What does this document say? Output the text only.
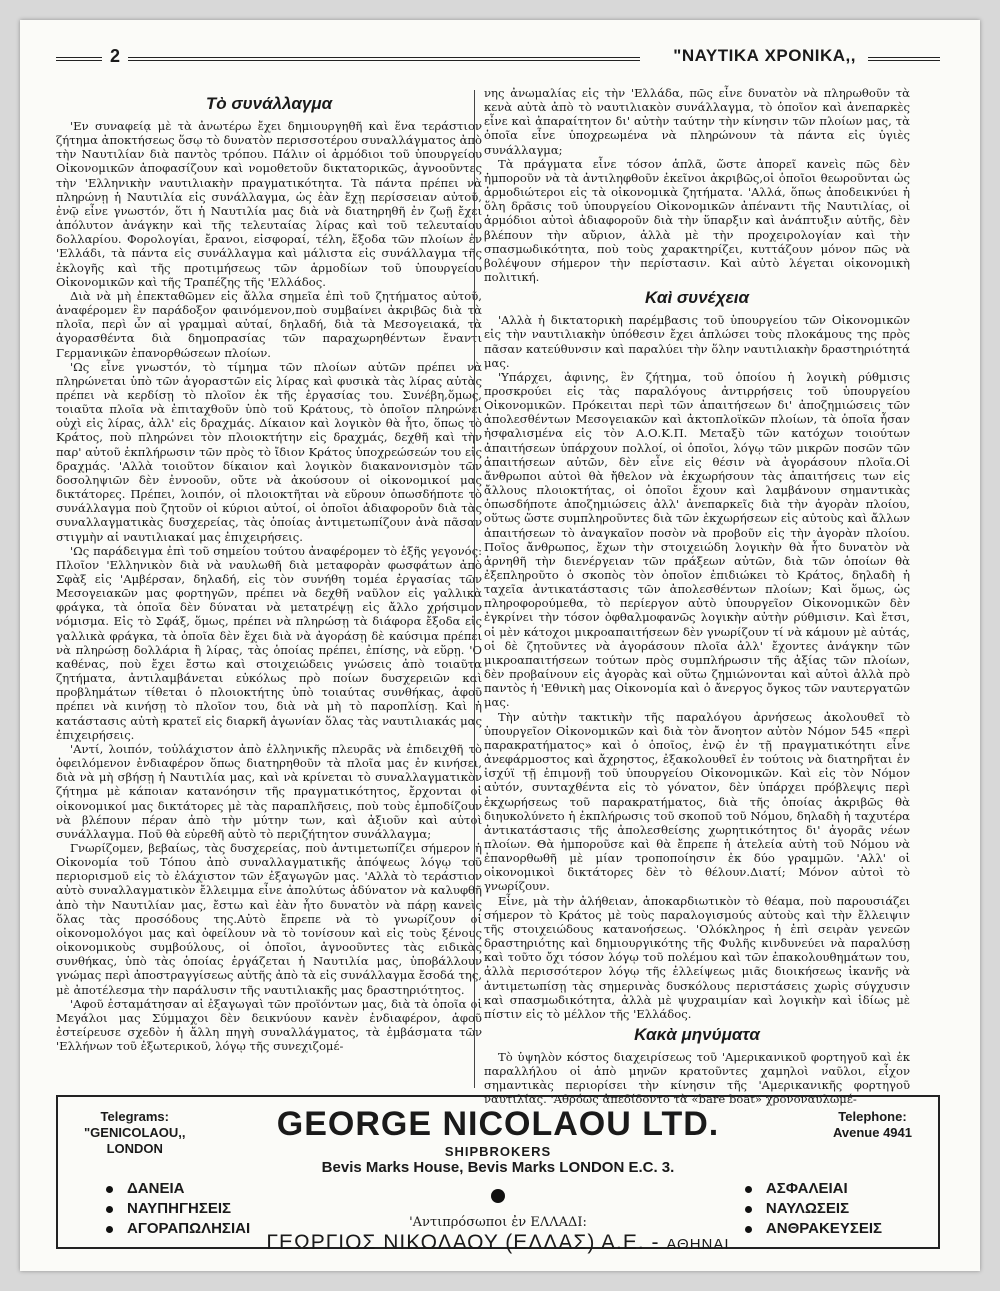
2	"ΝΑΥΤΙΚΑ ΧΡΟΝΙΚΑ,,
Τὸ συνάλλαγμα

'Εν συναφείᾳ μὲ τὰ ἀνωτέρω ἔχει δημιουργηθῆ καὶ ἕνα τεράστιον ζήτημα ἀποκτήσεως ὅσῳ τὸ δυνατὸν περισσοτέρου συναλλάγματος ἀπὸ τὴν Ναυτιλίαν διὰ παντὸς τρόπου. Πάλιν οἱ ἁρμόδιοι τοῦ ὑπουργείου Οἰκονομικῶν ἀποφασίζουν καὶ νομοθετοῦν δικτατορικῶς, ἀγνοοῦντες τὴν 'Ελληνικὴν ναυτιλιακὴν πραγματικότητα. Τὰ πάντα πρέπει νὰ πληρώνῃ ἡ Ναυτιλία εἰς συνάλλαγμα, ὡς ἐὰν ἔχῃ περίσσειαν αὐτοῦ, ἐνῷ εἶνε γνωστόν, ὅτι ἡ Ναυτιλία μας διὰ νὰ διατηρηθῆ ἐν ζωῇ ἔχει ἀπόλυτον ἀνάγκην καὶ τῆς τελευταίας λίρας καὶ τοῦ τελευταίου δολλαρίου. Φορολογίαι, ἔρανοι, εἰσφοραί, τέλη, ἔξοδα τῶν πλοίων ἐν 'Ελλάδι, τὰ πάντα εἰς συνάλλαγμα καὶ μάλιστα εἰς συνάλλαγμα τῆς ἐκλογῆς καὶ τῆς προτιμήσεως τῶν ἁρμοδίων τοῦ ὑπουργείου Οἰκονομικῶν καὶ τῆς Τραπέζης τῆς 'Ελλάδος.

Διὰ νὰ μὴ ἐπεκταθῶμεν εἰς ἄλλα σημεῖα ἐπὶ τοῦ ζητήματος αὐτοῦ, ἀναφέρομεν ἓν παράδοξον φαινόμενον,ποὺ συμβαίνει ἀκριβῶς διὰ τὰ πλοῖα, περὶ ὧν αἱ γραμμαὶ αὐταί, δηλαδή, διὰ τὰ Μεσογειακά, τὰ ἀγορασθέντα διὰ δημοπρασίας τῶν παραχωρηθέντων ἔναντι Γερμανικῶν ἐπανορθώσεων πλοίων.

'Ως εἶνε γνωστόν, τὸ τίμημα τῶν πλοίων αὐτῶν πρέπει νὰ πληρώνεται ὑπὸ τῶν ἀγοραστῶν εἰς λίρας καὶ φυσικὰ τὰς λίρας αὐτὰς πρέπει νὰ κερδίσῃ τὸ πλοῖον ἐκ τῆς ἐργασίας του. Συνέβη,ὅμως, τοιαῦτα πλοῖα νὰ ἐπιταχθοῦν ὑπὸ τοῦ Κράτους, τὸ ὁποῖον πληρώνει οὐχὶ εἰς λίρας, ἀλλ' εἰς δραχμάς. Δίκαιον καὶ λογικὸν θὰ ἦτο, ὅπως τὸ Κράτος, ποὺ πληρώνει τὸν πλοιοκτήτην εἰς δραχμάς, δεχθῆ καὶ τὴν παρ' αὐτοῦ ἐκπλήρωσιν τῶν πρὸς τὸ ἴδιον Κράτος ὑποχρεώσεών του εἰς δραχμάς. 'Αλλὰ τοιοῦτον δίκαιον καὶ λογικὸν διακανονισμὸν τῶν δοσοληψιῶν δὲν ἐννοοῦν, οὔτε νὰ ἀκούσουν οἱ οἰκονομικοί μας δικτάτορες. Πρέπει, λοιπόν, οἱ πλοιοκτῆται νὰ εὕρουν ὁπωσδήποτε τὸ συνάλλαγμα ποὺ ζητοῦν οἱ κύριοι αὐτοί, οἱ ὁποῖοι ἀδιαφοροῦν διὰ τὰς συναλλαγματικὰς δυσχερείας, τὰς ὁποίας ἀντιμετωπίζουν ἀνὰ πᾶσαν στιγμὴν αἱ ναυτιλιακαί μας ἐπιχειρήσεις.

'Ως παράδειγμα ἐπὶ τοῦ σημείου τούτου ἀναφέρομεν τὸ ἑξῆς γεγονός: Πλοῖον 'Ελληνικὸν διὰ νὰ ναυλωθῆ διὰ μεταφορὰν φωσφάτων ἀπὸ Σφὰξ εἰς 'Αμβέρσαν, δηλαδή, εἰς τὸν συνήθη τομέα ἐργασίας τῶν Μεσογειακῶν μας φορτηγῶν, πρέπει νὰ δεχθῆ ναῦλον εἰς γαλλικὰ φράγκα, τὰ ὁποῖα δὲν δύναται νὰ μετατρέψῃ εἰς ἄλλο χρήσιμον νόμισμα. Εἰς τὸ Σφάξ, ὅμως, πρέπει νὰ πληρώσῃ τὰ διάφορα ἔξοδα εἰς γαλλικὰ φράγκα, τὰ ὁποῖα δὲν ἔχει διὰ νὰ ἀγοράσῃ δὲ καύσιμα πρέπει νὰ πληρώσῃ δολλάρια ἢ λίρας, τὰς ὁποίας πρέπει, ἐπίσης, νὰ εὕρῃ. 'Ο καθένας, ποὺ ἔχει ἔστω καὶ στοιχειώδεις γνώσεις ἀπὸ τοιαῦτα ζητήματα, ἀντιλαμβάνεται εὐκόλως πρὸ ποίων δυσχερειῶν καὶ προβλημάτων τίθεται ὁ πλοιοκτήτης ὑπὸ τοιαύτας συνθήκας, ἀφοῦ πρέπει νὰ κινήσῃ τὸ πλοῖον του, διὰ νὰ μὴ τὸ παροπλίσῃ. Καὶ ἡ κατάστασις αὐτὴ κρατεῖ εἰς διαρκῆ ἀγωνίαν ὅλας τὰς ναυτιλιακάς μας ἐπιχειρήσεις.

'Αντί, λοιπόν, τοὐλάχιστον ἀπὸ ἑλληνικῆς πλευρᾶς νὰ ἐπιδειχθῆ τὸ ὀφειλόμενον ἐνδιαφέρον ὅπως διατηρηθοῦν τὰ πλοῖα μας ἐν κινήσει, διὰ νὰ μὴ σβήσῃ ἡ Ναυτιλία μας, καὶ νὰ κρίνεται τὸ συναλλαγματικὸν ζήτημα μὲ κάποιαν κατανόησιν τῆς πραγματικότητος, ἔρχονται οἱ οἰκονομικοί μας δικτάτορες μὲ τὰς παραπλῆσεις, ποὺ τοὺς ἐμποδίζουν νὰ βλέπουν πέραν ἀπὸ τὴν μύτην των, καὶ ἀξιοῦν καὶ αὐτοὶ συνάλλαγμα. Ποῦ θὰ εὑρεθῆ αὐτὸ τὸ περιζήτητον συνάλλαγμα;

Γνωρίζομεν, βεβαίως, τὰς δυσχερείας, ποὺ ἀντιμετωπίζει σήμερον ἡ Οἰκονομία τοῦ Τόπου ἀπὸ συναλλαγματικῆς ἀπόψεως λόγῳ τοῦ περιορισμοῦ εἰς τὸ ἐλάχιστον τῶν ἐξαγωγῶν μας. 'Αλλὰ τὸ τεράστιον αὐτὸ συναλλαγματικὸν ἔλλειμμα εἶνε ἀπολύτως ἀδύνατον νὰ καλυφθῆ ἀπὸ τὴν Ναυτιλίαν μας, ἔστω καὶ ἐὰν ἦτο δυνατὸν νὰ πάρῃ κανεὶς ὅλας τὰς προσόδους της.Αὐτὸ ἔπρεπε νὰ τὸ γνωρίζουν οἱ οἰκονομολόγοι μας καὶ ὀφείλουν νὰ τὸ τονίσουν καὶ εἰς τοὺς ξένους οἰκονομικοὺς συμβούλους, οἱ ὁποῖοι, ἀγνοοῦντες τὰς ειδικὰς συνθήκας, ὑπὸ τὰς ὁποίας ἐργάζεται ἡ Ναυτιλία μας, ὑποβάλλουν γνώμας περὶ ἀποστραγγίσεως αὐτῆς ἀπὸ τὰ εἰς συνάλλαγμα ἔσοδά της, μὲ ἀποτέλεσμα τὴν παράλυσιν τῆς ναυτιλιακῆς μας δραστηριότητος.

'Αφοῦ ἐσταμάτησαν αἱ ἐξαγωγαὶ τῶν προϊόντων μας, διὰ τὰ ὁποῖα οἱ Μεγάλοι μας Σύμμαχοι δὲν δεικνύουν κανὲν ἐνδιαφέρον, ἀφοῦ ἐστείρευσε σχεδὸν ἡ ἄλλη πηγὴ συναλλάγματος, τὰ ἐμβάσματα τῶν 'Ελλήνων τοῦ ἐξωτερικοῦ, λόγῳ τῆς συνεχιζομέ-

νης ἀνωμαλίας εἰς τὴν 'Ελλάδα, πῶς εἶνε δυνατὸν νὰ πληρωθοῦν τὰ κενὰ αὐτὰ ἀπὸ τὸ ναυτιλιακὸν συνάλλαγμα, τὸ ὁποῖον καὶ ἀνεπαρκὲς εἶνε καὶ ἀπαραίτητον δι' αὐτὴν ταύτην τὴν κίνησιν τῶν πλοίων μας, τὰ ὁποῖα εἶνε ὑποχρεωμένα νὰ πληρώνουν τὰ πάντα εἰς ὑγιὲς συνάλλαγμα;

Τὰ πράγματα εἶνε τόσον ἁπλᾶ, ὥστε ἀπορεῖ κανεὶς πῶς δὲν ἠμποροῦν νὰ τὰ ἀντιληφθοῦν ἐκεῖνοι ἀκριβῶς,οἱ ὁποῖοι θεωροῦνται ὡς ἁρμοδιώτεροι εἰς τὰ οἰκονομικὰ ζητήματα. 'Αλλά, ὅπως ἀποδεικνύει ἡ ὅλη δρᾶσις τοῦ ὑπουργείου Οἰκονομικῶν ἀπέναντι τῆς Ναυτιλίας, οἱ ἁρμόδιοι αὐτοὶ ἀδιαφοροῦν διὰ τὴν ὕπαρξιν καὶ ἀνάπτυξιν αὐτῆς, δὲν βλέπουν τὴν αὔριον, ἀλλὰ μὲ τὴν προχειρολογίαν καὶ τὴν σπασμωδικότητα, ποὺ τοὺς χαρακτηρίζει, κυττάζουν μόνον πῶς νὰ βολέψουν σήμερον τὴν περίστασιν. Καὶ αὐτὸ λέγεται οἰκονομικὴ πολιτική.

Καὶ συνέχεια

'Αλλὰ ἡ δικτατορικὴ παρέμβασις τοῦ ὑπουργείου τῶν Οἰκονομικῶν εἰς τὴν ναυτιλιακὴν ὑπόθεσιν ἔχει ἁπλώσει τοὺς πλοκάμους της πρὸς πᾶσαν κατεύθυνσιν καὶ παραλύει τὴν ὅλην ναυτιλιακὴν δραστηριότητά μας.

'Υπάρχει, ἀφινης, ἓν ζήτημα, τοῦ ὁποίου ἡ λογικὴ ρύθμισις προσκρούει εἰς τὰς παραλόγους ἀντιρρήσεις τοῦ ὑπουργείου Οἰκονομικῶν. Πρόκειται περὶ τῶν ἀπαιτήσεων δι' ἀποζημιώσεις τῶν ἀπολεσθέντων Μεσογειακῶν καὶ ἀκτοπλοϊκῶν πλοίων, τὰ ὁποῖα ἦσαν ἠσφαλισμένα εἰς τὸν Α.Ο.Κ.Π. Μεταξὺ τῶν κατόχων τοιούτων ἀπαιτήσεων ὑπάρχουν πολλοί, οἱ ὁποῖοι, λόγῳ τῶν μικρῶν ποσῶν τῶν ἀπαιτήσεων αὐτῶν, δὲν εἶνε εἰς θέσιν νὰ ἀγοράσουν πλοῖα.Οἱ ἄνθρωποι αὐτοὶ θὰ ἤθελον νὰ ἐκχωρήσουν τὰς ἀπαιτήσεις των εἰς ἄλλους πλοιοκτήτας, οἱ ὁποῖοι ἔχουν καὶ λαμβάνουν σημαντικὰς ὁπωσδήποτε ἀποζημιώσεις ἀλλ' ἀνεπαρκεῖς διὰ τὴν ἀγορὰν πλοίου, οὕτως ὥστε συμπληροῦντες διὰ τῶν ἐκχωρήσεων εἰς αὐτοὺς καὶ ἄλλων ἀπαιτήσεων τὸ ἀναγκαῖον ποσὸν νὰ προβοῦν εἰς τὴν ἀγορὰν πλοίου. Ποῖος ἄνθρωπος, ἔχων τὴν στοιχειώδη λογικὴν θὰ ἦτο δυνατὸν νὰ ἀρνηθῆ τὴν διενέργειαν τῶν πράξεων αὐτῶν, διὰ τῶν ὁποίων θὰ ἐξεπληροῦτο ὁ σκοπὸς τὸν ὁποῖον ἐπιδιώκει τὸ Κράτος, δηλαδὴ ἡ ταχεῖα ἀντικατάστασις τῶν ἀπολεσθέντων πλοίων; Καὶ ὅμως, ὡς πληροφορούμεθα, τὸ περίεργον αὐτὸ ὑπουργεῖον Οἰκονομικῶν δὲν ἐγκρίνει τὴν τόσον ὀφθαλμοφανῶς λογικὴν αὐτὴν ρύθμισιν. Καὶ ἔτσι, οἱ μὲν κάτοχοι μικροαπαιτήσεων δὲν γνωρίζουν τί νὰ κάμουν μὲ αὐτάς, οἱ δὲ ζητοῦντες νὰ ἀγοράσουν πλοῖα ἀλλ' ἔχοντες ἀνάγκην τῶν μικροαπαιτήσεων τούτων πρὸς συμπλήρωσιν τῆς ἀξίας τῶν πλοίων, δὲν προβαίνουν εἰς ἀγορὰς καὶ οὕτω ζημιώνονται καὶ αὐτοὶ ἀλλὰ πρὸ παντὸς ἡ 'Εθνικὴ μας Οἰκονομία καὶ ὁ ἄνεργος ὄγκος τῶν ναυτεργατῶν μας.

Τὴν αὐτὴν τακτικὴν τῆς παραλόγου ἀρνήσεως ἀκολουθεῖ τὸ ὑπουργεῖον Οἰκονομικῶν καὶ διὰ τὸν ἄνοητον αὐτὸν Νόμον 545 «περὶ παρακρατήματος» καὶ ὁ ὁποῖος, ἐνῷ ἐν τῇ πραγματικότητι εἶνε ἀνεφάρμοστος καὶ ἄχρηστος, ἐξακολουθεῖ ἐν τούτοις νὰ διατηρῆται ἐν ἰσχύϊ τῇ ἐπιμονῇ τοῦ ὑπουργείου Οἰκονομικῶν. Καὶ εἰς τὸν Νόμον αὐτόν, συνταχθέντα εἰς τὸ γόνατον, δὲν ὑπάρχει πρόβλεψις περὶ ἐκχωρήσεως τοῦ παρακρατήματος, διὰ τῆς ὁποίας ἀκριβῶς θὰ διηυκολύνετο ἡ ἐκπλήρωσις τοῦ σκοποῦ τοῦ Νόμου, δηλαδὴ ἡ ταχυτέρα ἀντικατάστασις τῆς ἀπολεσθείσης χωρητικότητος δι' ἀγορᾶς νέων πλοίων. Θὰ ἠμποροῦσε καὶ θὰ ἔπρεπε ἡ ἀτελεία αὐτὴ τοῦ Νόμου νὰ ἐπανορθωθῆ μὲ μίαν τροποποίησιν ἐκ δύο γραμμῶν. 'Αλλ' οἱ οἰκονομικοὶ δικτάτορες δὲν τὸ θέλουν.Διατί; Μόνον αὐτοὶ τὸ γνωρίζουν.

Εἶνε, μὰ τὴν ἀλήθειαν, ἀποκαρδιωτικὸν τὸ θέαμα, ποὺ παρουσιάζει σήμερον τὸ Κράτος μὲ τοὺς παραλογισμούς αὐτοὺς καὶ τὴν ἔλλειψιν τῆς στοιχειώδους κατανοήσεως. 'Ολόκληρος ἡ ἐπὶ σειρὰν γενεῶν δραστηριότης καὶ δημιουργικότης τῆς Φυλῆς κινδυνεύει νὰ παραλύσῃ καὶ τοῦτο ὄχι τόσον λόγῳ τοῦ πολέμου καὶ τῶν ἐπακολουθημάτων του, ἀλλὰ περισσότερον λόγῳ τῆς ἐλλείψεως μιᾶς διοικήσεως ἱκανῆς νὰ ἀντιμετωπίσῃ τὰς σημερινὰς δυσκόλους περιστάσεις χωρὶς σύγχυσιν καὶ σπασμωδικότητα, ἀλλὰ μὲ ψυχραιμίαν καὶ λογικὴν καὶ ἰδίως μὲ πίστιν εἰς τὸ μέλλον τῆς 'Ελλάδος.

Κακὰ μηνύματα

Τὸ ὑψηλὸν κόστος διαχειρίσεως τοῦ 'Αμερικανικοῦ φορτηγοῦ καὶ ἐκ παραλλήλου οἱ ἀπὸ μηνῶν κρατοῦντες χαμηλοὶ ναῦλοι, εἶχον σημαντικὰς περιορίσει τὴν κίνησιν τῆς 'Αμερικανικῆς φορτηγοῦ ναυτιλίας. 'Αθρόως ἀπεδίδοντο τὰ «bare boat» χρονοναυλωμέ-

Telegrams:
"GENICOLAOU,,
LONDON
GEORGE NICOLAOU LTD.	Telephone:
Avenue 4941
SHIPBROKERS
Bevis Marks House, Bevis Marks LONDON E.C. 3.
ΔΑΝΕΙΑ
ΝΑΥΠΗΓΗΣΕΙΣ
ΑΓΟΡΑΠΩΛΗΣΙΑΙ
ΑΣΦΑΛΕΙΑΙ
ΝΑΥΛΩΣΕΙΣ
ΑΝΘΡΑΚΕΥΣΕΙΣ
'Αντιπρόσωποι ἐν ΕΛΛΑΔΙ:
ΓΕΩΡΓΙΟΣ ΝΙΚΟΛΑΟΥ (ΕΛΛΑΣ) Α.Ε. - ΑΘΗΝΑΙ
